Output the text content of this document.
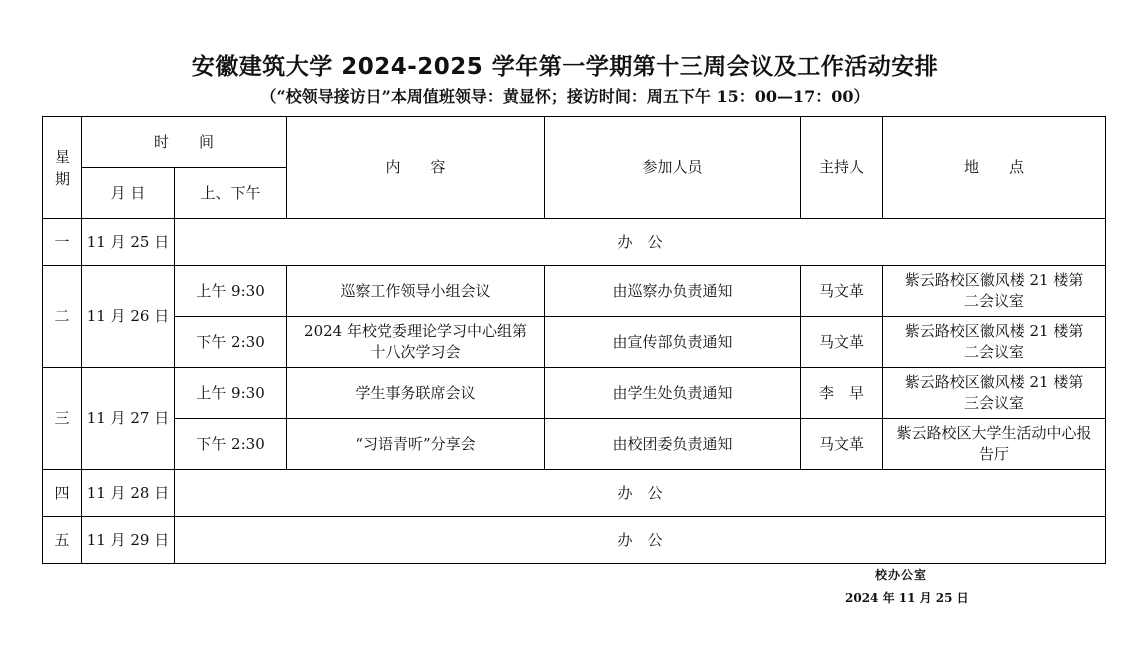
安徽建筑大学 2024-2025 学年第一学期第十三周会议及工作活动安排
（“校领导接访日”本周值班领导：黄显怀；接访时间：周五下午 15：00—17：00）
星期	时　　间		内　　容	参加人员	主持人	地　　点
	月 日	上、下午				
一	11 月 25 日	办　公				
二	11 月 26 日	上午 9:30	巡察工作领导小组会议	由巡察办负责通知	马文革	紫云路校区徽风楼 21 楼第二会议室
		下午 2:30	2024 年校党委理论学习中心组第十八次学习会	由宣传部负责通知	马文革	紫云路校区徽风楼 21 楼第二会议室
三	11 月 27 日	上午 9:30	学生事务联席会议	由学生处负责通知	李　早	紫云路校区徽风楼 21 楼第三会议室
		下午 2:30	“习语青听”分享会	由校团委负责通知	马文革	紫云路校区大学生活动中心报告厅
四	11 月 28 日	办　公				
五	11 月 29 日	办　公				
校办公室
2024 年 11 月 25 日
